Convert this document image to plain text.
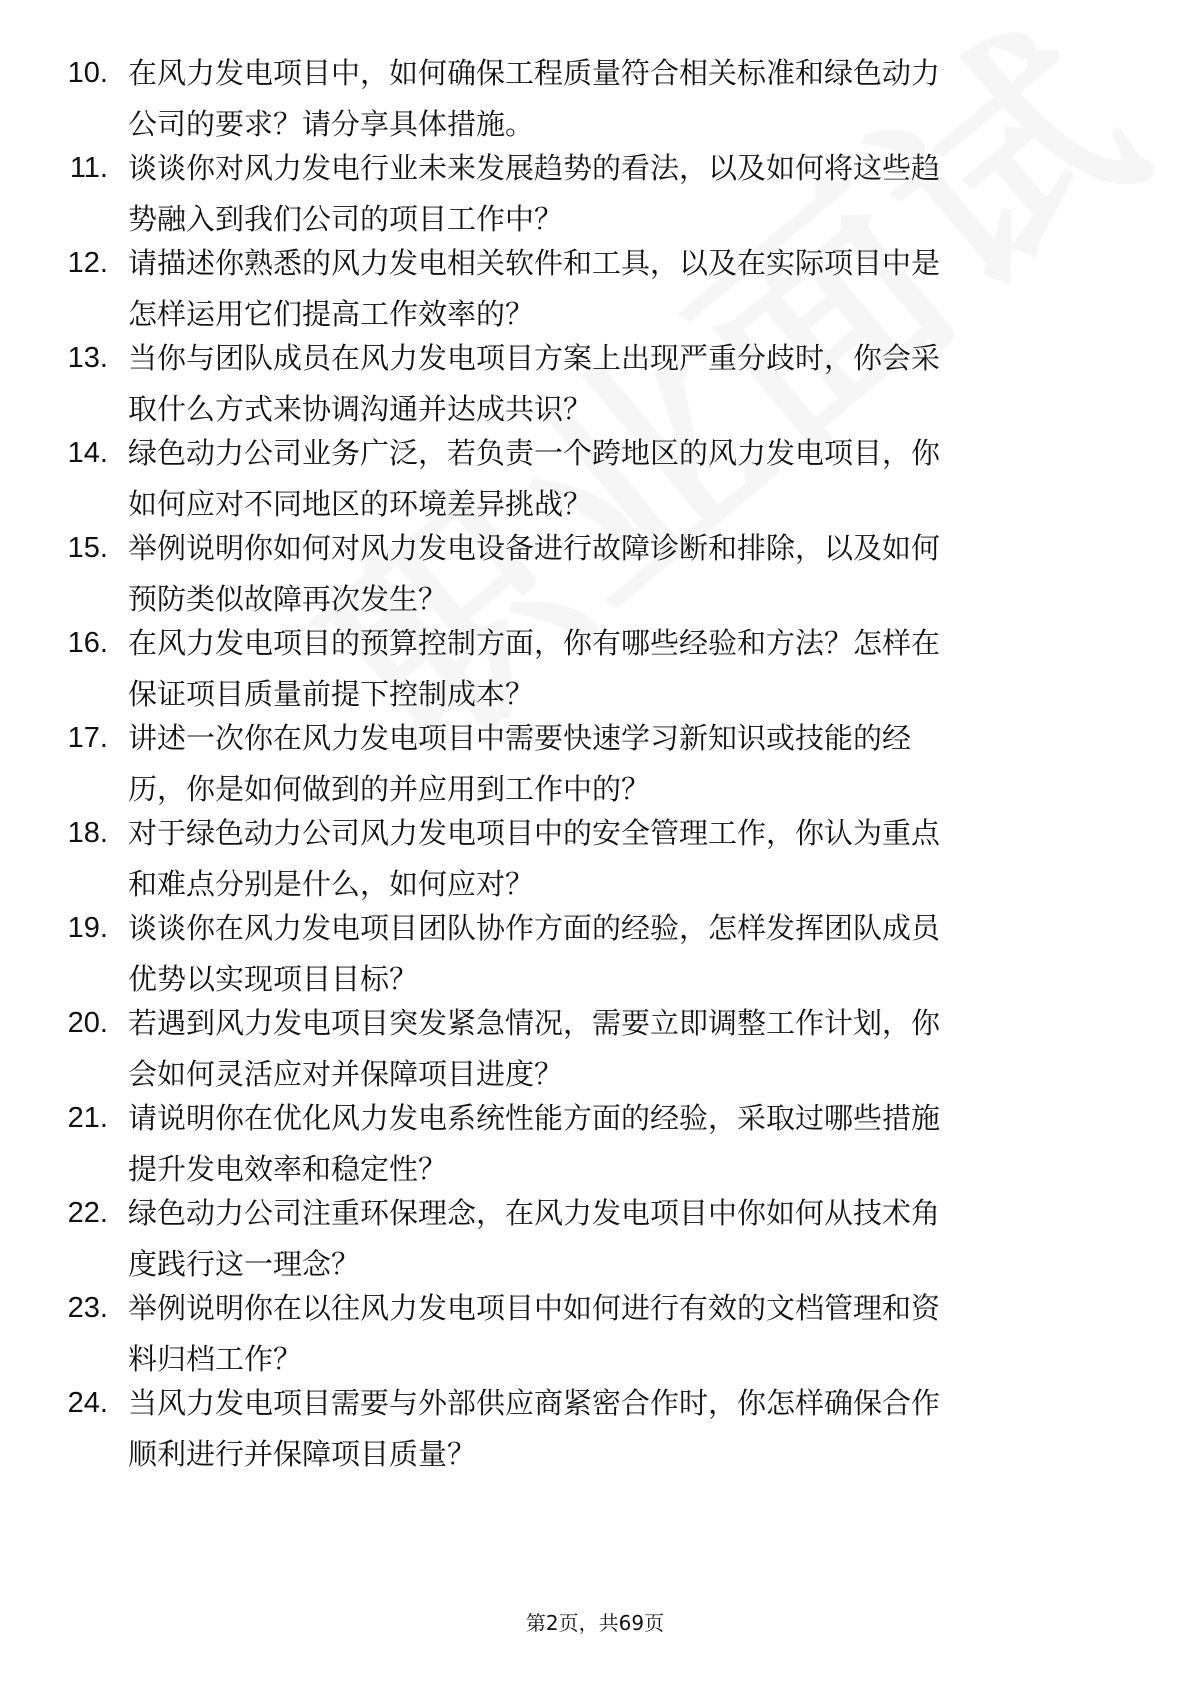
10. 在风力发电项目中，如何确保工程质量符合相关标准和绿色动力
公司的要求？请分享具体措施。
11. 谈谈你对风力发电行业未来发展趋势的看法，以及如何将这些趋
势融入到我们公司的项目工作中？
12. 请描述你熟悉的风力发电相关软件和工具，以及在实际项目中是
怎样运用它们提高工作效率的？
13. 当你与团队成员在风力发电项目方案上出现严重分歧时，你会采
取什么方式来协调沟通并达成共识？
14. 绿色动力公司业务广泛，若负责一个跨地区的风力发电项目，你
如何应对不同地区的环境差异挑战？
15. 举例说明你如何对风力发电设备进行故障诊断和排除，以及如何
预防类似故障再次发生？
16. 在风力发电项目的预算控制方面，你有哪些经验和方法？怎样在
保证项目质量前提下控制成本？
17. 讲述一次你在风力发电项目中需要快速学习新知识或技能的经
历，你是如何做到的并应用到工作中的？
18. 对于绿色动力公司风力发电项目中的安全管理工作，你认为重点
和难点分别是什么，如何应对？
19. 谈谈你在风力发电项目团队协作方面的经验，怎样发挥团队成员
优势以实现项目目标？
20. 若遇到风力发电项目突发紧急情况，需要立即调整工作计划，你
会如何灵活应对并保障项目进度？
21. 请说明你在优化风力发电系统性能方面的经验，采取过哪些措施
提升发电效率和稳定性？
22. 绿色动力公司注重环保理念，在风力发电项目中你如何从技术角
度践行这一理念？
23. 举例说明你在以往风力发电项目中如何进行有效的文档管理和资
料归档工作？
24. 当风力发电项目需要与外部供应商紧密合作时，你怎样确保合作
顺利进行并保障项目质量？
第2页，共69页
